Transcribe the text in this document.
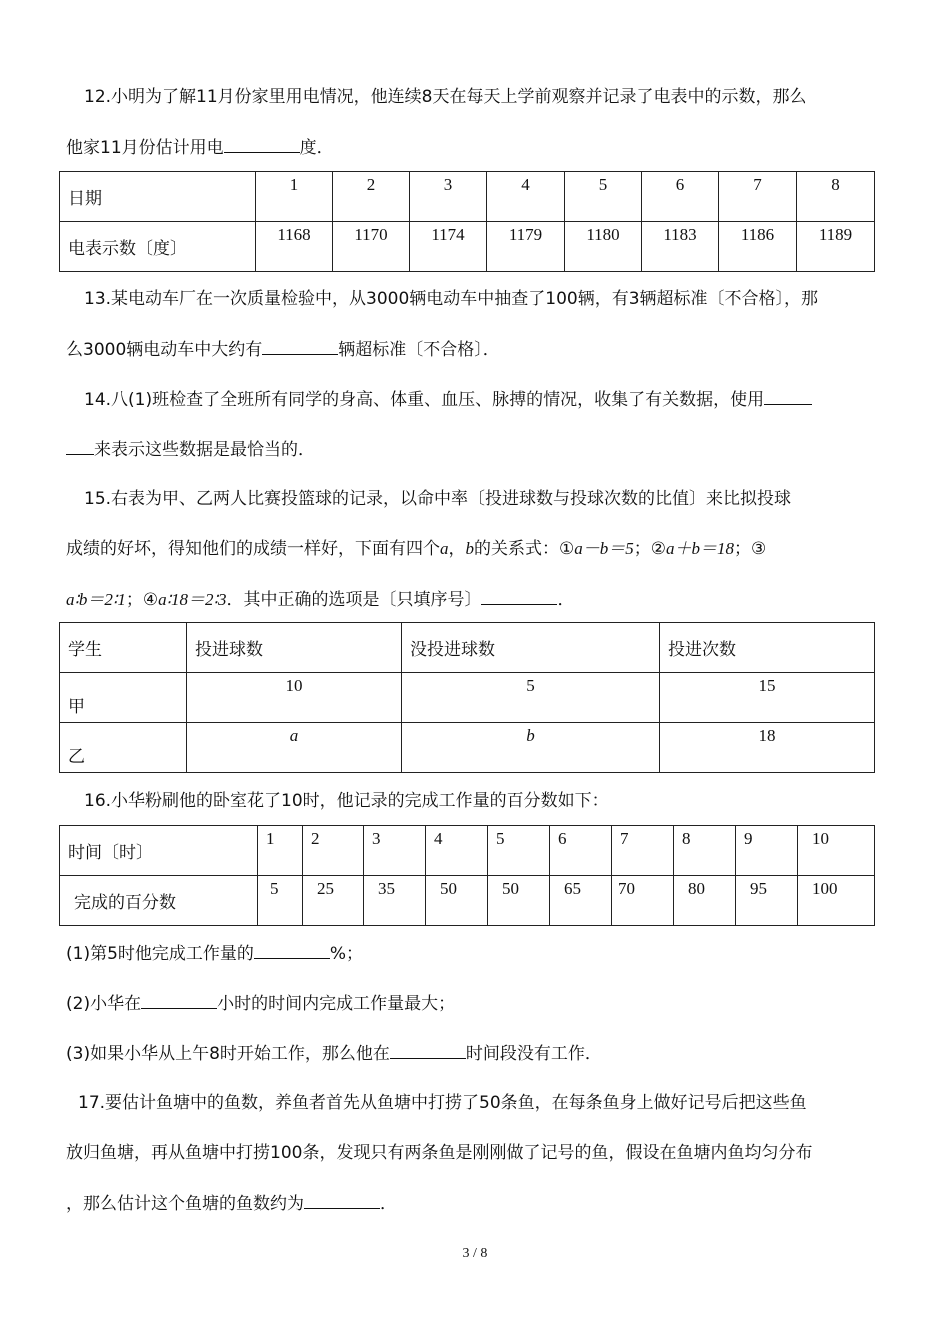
12.小明为了解11月份家里用电情况，他连续8天在每天上学前观察并记录了电表中的示数，那么
他家11月份估计用电	度．
日期	1	2	3	4	5	6	7	8
电表示数〔度〕	1168	1170	1174	1179	1180	1183	1186	1189
13.某电动车厂在一次质量检验中，从3000辆电动车中抽查了100辆，有3辆超标准〔不合格〕，那
么3000辆电动车中大约有	辆超标准〔不合格〕．
14.八(1)班检查了全班所有同学的身高、体重、血压、脉搏的情况，收集了有关数据，使用
来表示这些数据是最恰当的．
15.右表为甲、乙两人比赛投篮球的记录，以命中率〔投进球数与投球次数的比值〕来比拟投球
成绩的好坏，得知他们的成绩一样好，下面有四个a，b的关系式：①a－b＝5；②a＋b＝18；③
a∶b＝2∶1；④a∶18＝2∶3．其中正确的选项是〔只填序号〕	．
学生	投进球数	没投进球数	投进次数
甲	10	5	15
乙	a	b	18
16.小华粉刷他的卧室花了10时，他记录的完成工作量的百分数如下：
时间〔时〕	1	2	3	4	5	6	7	8	9	10
完成的百分数	5	25	35	50	50	65	70	80	95	100
(1)第5时他完成工作量的	%；
(2)小华在	小时的时间内完成工作量最大；
(3)如果小华从上午8时开始工作，那么他在	时间段没有工作．
17.要估计鱼塘中的鱼数，养鱼者首先从鱼塘中打捞了50条鱼，在每条鱼身上做好记号后把这些鱼
放归鱼塘，再从鱼塘中打捞100条，发现只有两条鱼是刚刚做了记号的鱼，假设在鱼塘内鱼均匀分布
，那么估计这个鱼塘的鱼数约为	．
3 / 8
